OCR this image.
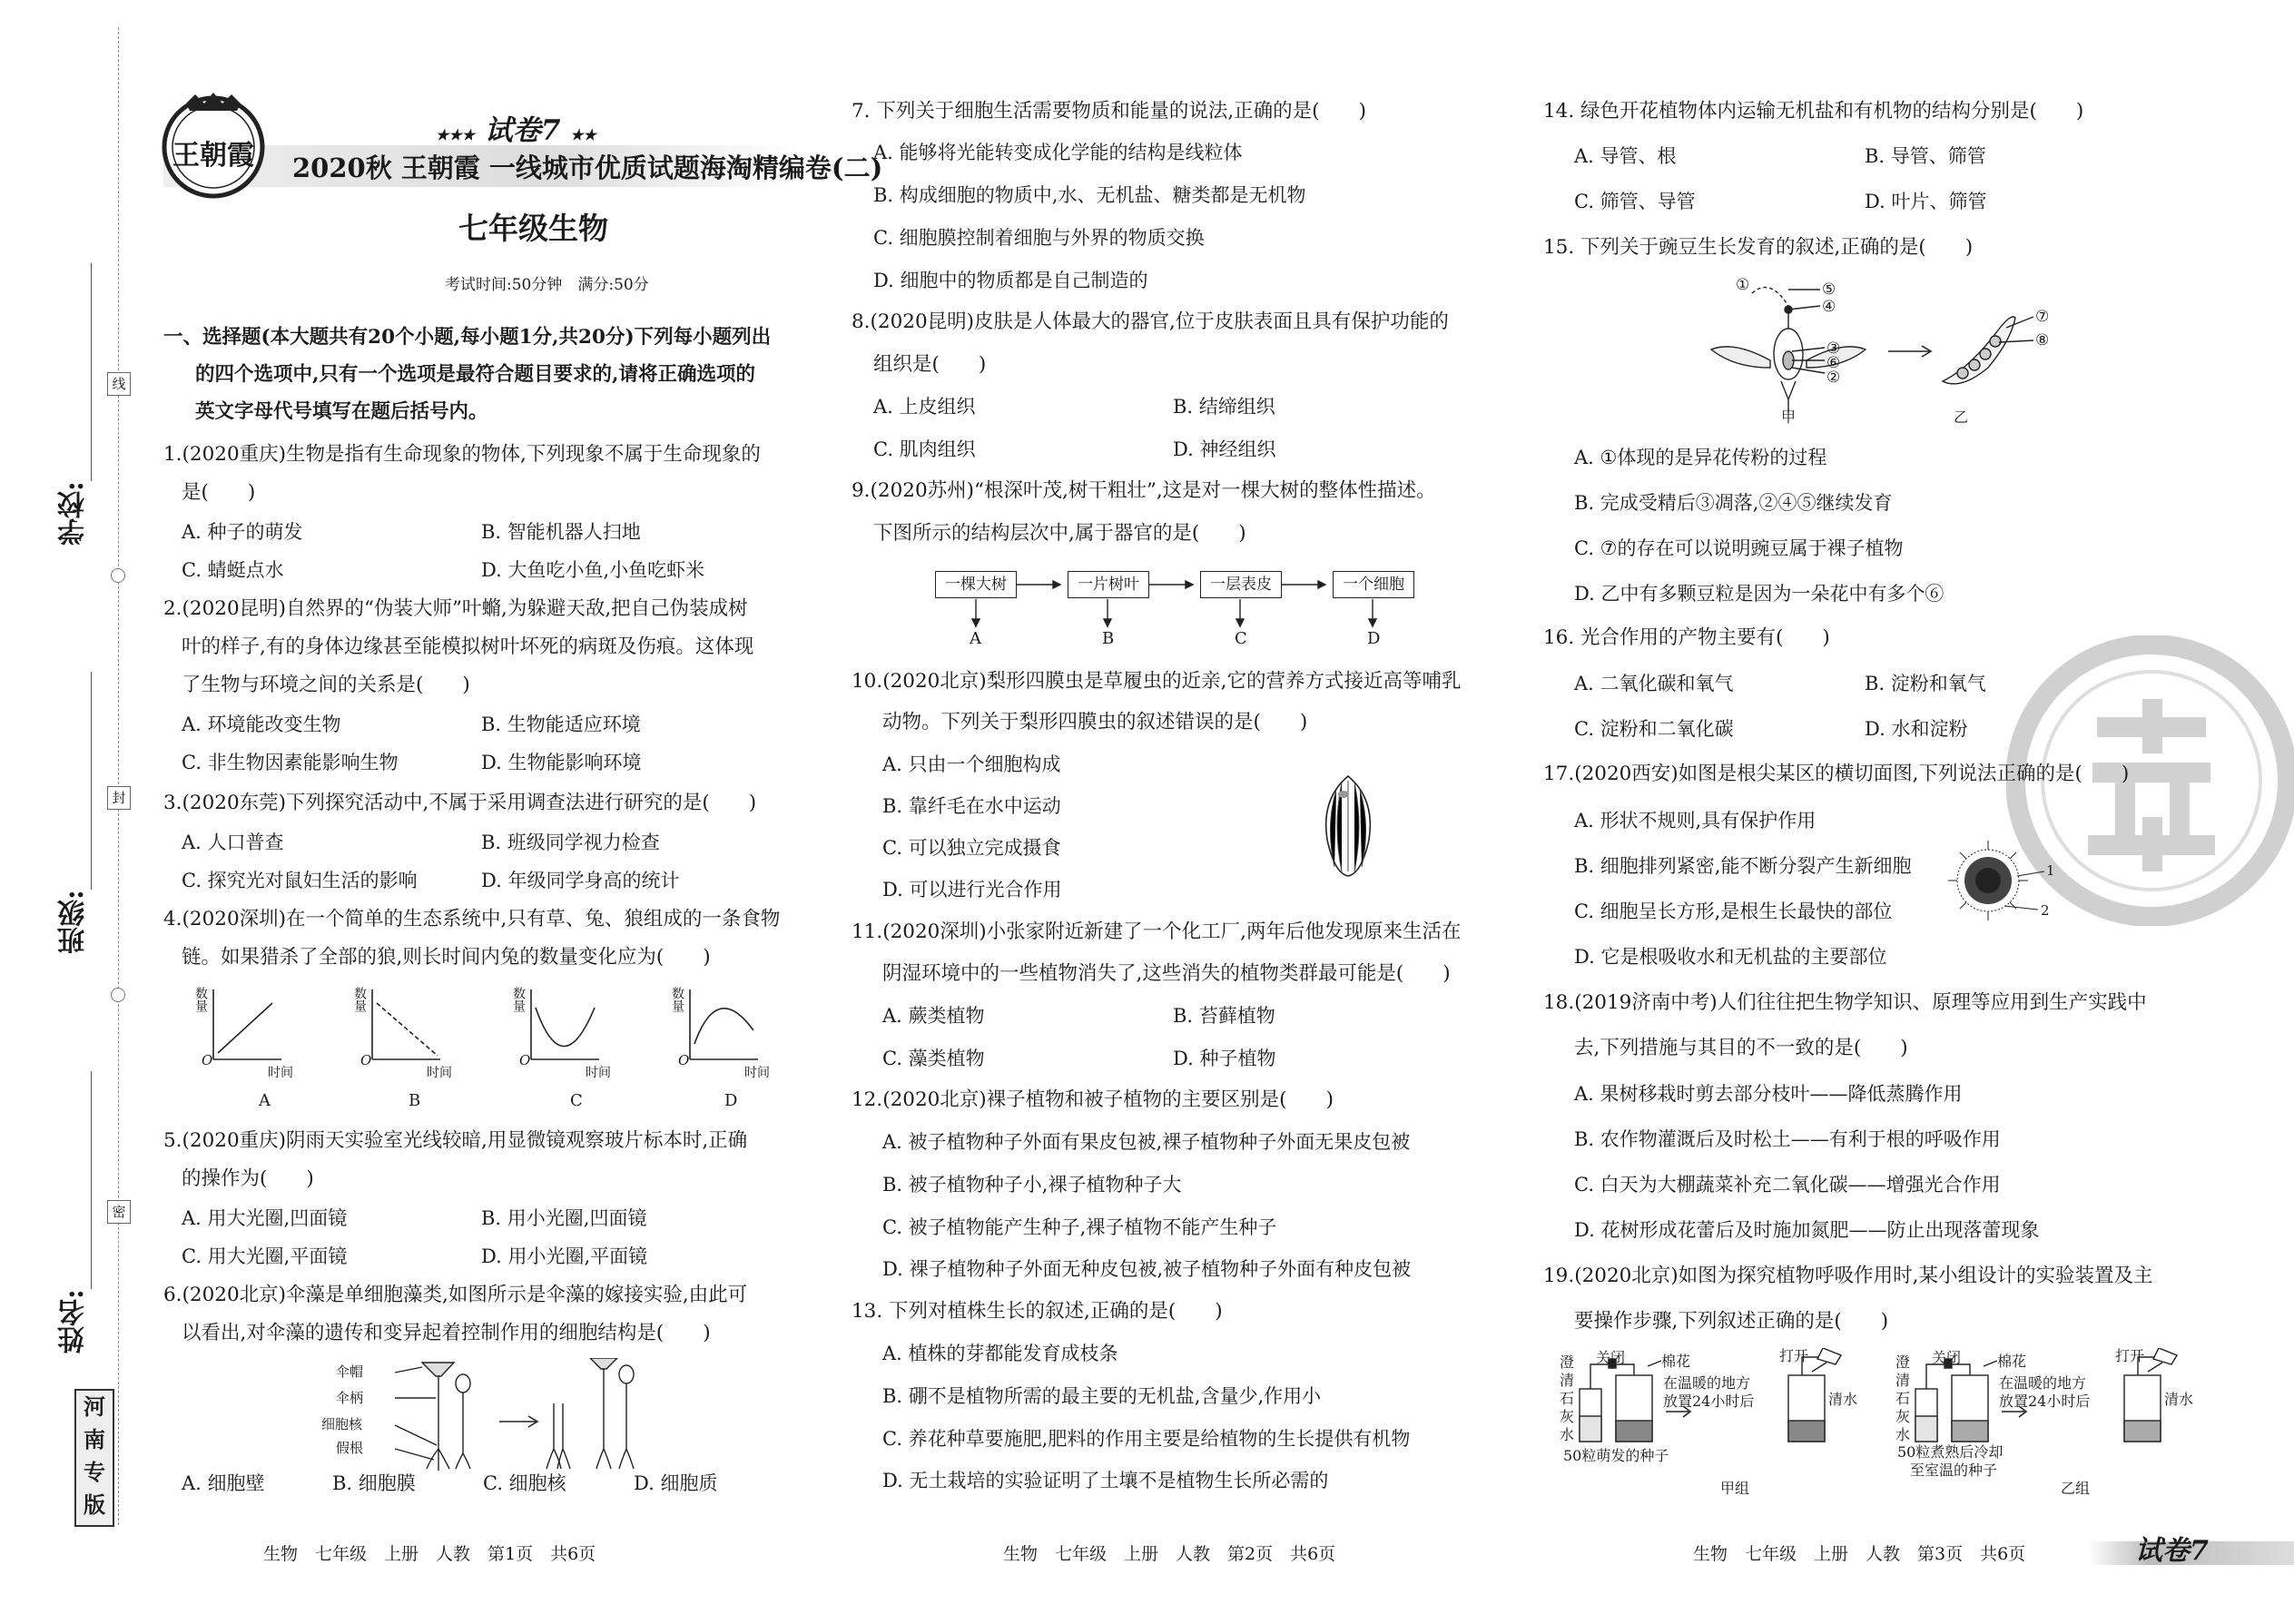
学校:
班级:
姓名:
线
封
密
河
南
专
版
王朝霞
★★★ 试卷7 ★★
2020秋 王朝霞 一线城市优质试题海淘精编卷(二)
七年级生物
考试时间:50分钟　满分:50分
一、选择题(本大题共有20个小题,每小题1分,共20分)下列每小题列出
的四个选项中,只有一个选项是最符合题目要求的,请将正确选项的
英文字母代号填写在题后括号内。
1.(2020重庆)生物是指有生命现象的物体,下列现象不属于生命现象的
是(　　)
A. 种子的萌发	B. 智能机器人扫地
C. 蜻蜓点水	D. 大鱼吃小鱼,小鱼吃虾米
2.(2020昆明)自然界的“伪装大师”叶䗛,为躲避天敌,把自己伪装成树
叶的样子,有的身体边缘甚至能模拟树叶坏死的病斑及伤痕。这体现
了生物与环境之间的关系是(　　)
A. 环境能改变生物	B. 生物能适应环境
C. 非生物因素能影响生物	D. 生物能影响环境
3.(2020东莞)下列探究活动中,不属于采用调查法进行研究的是(　　)
A. 人口普查	B. 班级同学视力检查
C. 探究光对鼠妇生活的影响	D. 年级同学身高的统计
4.(2020深圳)在一个简单的生态系统中,只有草、兔、狼组成的一条食物
链。如果猎杀了全部的狼,则长时间内兔的数量变化应为(　　)
数量	数量	数量	数量
O	O	O	O
时间	时间	时间	时间
A	B	C	D
5.(2020重庆)阴雨天实验室光线较暗,用显微镜观察玻片标本时,正确
的操作为(　　)
A. 用大光圈,凹面镜	B. 用小光圈,凹面镜
C. 用大光圈,平面镜	D. 用小光圈,平面镜
6.(2020北京)伞藻是单细胞藻类,如图所示是伞藻的嫁接实验,由此可
以看出,对伞藻的遗传和变异起着控制作用的细胞结构是(　　)
伞帽
伞柄
细胞核
假根
A. 细胞壁	B. 细胞膜	C. 细胞核	D. 细胞质
生物　七年级　上册　人教　第1页　共6页
7. 下列关于细胞生活需要物质和能量的说法,正确的是(　　)
A. 能够将光能转变成化学能的结构是线粒体
B. 构成细胞的物质中,水、无机盐、糖类都是无机物
C. 细胞膜控制着细胞与外界的物质交换
D. 细胞中的物质都是自己制造的
8.(2020昆明)皮肤是人体最大的器官,位于皮肤表面且具有保护功能的
组织是(　　)
A. 上皮组织	B. 结缔组织
C. 肌肉组织	D. 神经组织
9.(2020苏州)“根深叶茂,树干粗壮”,这是对一棵大树的整体性描述。
下图所示的结构层次中,属于器官的是(　　)
一棵大树	一片树叶	一层表皮	一个细胞
A	B	C	D
10.(2020北京)梨形四膜虫是草履虫的近亲,它的营养方式接近高等哺乳
动物。下列关于梨形四膜虫的叙述错误的是(　　)
A. 只由一个细胞构成
B. 靠纤毛在水中运动
C. 可以独立完成摄食
D. 可以进行光合作用
11.(2020深圳)小张家附近新建了一个化工厂,两年后他发现原来生活在
阴湿环境中的一些植物消失了,这些消失的植物类群最可能是(　　)
A. 蕨类植物	B. 苔藓植物
C. 藻类植物	D. 种子植物
12.(2020北京)裸子植物和被子植物的主要区别是(　　)
A. 被子植物种子外面有果皮包被,裸子植物种子外面无果皮包被
B. 被子植物种子小,裸子植物种子大
C. 被子植物能产生种子,裸子植物不能产生种子
D. 裸子植物种子外面无种皮包被,被子植物种子外面有种皮包被
13. 下列对植株生长的叙述,正确的是(　　)
A. 植株的芽都能发育成枝条
B. 硼不是植物所需的最主要的无机盐,含量少,作用小
C. 养花种草要施肥,肥料的作用主要是给植物的生长提供有机物
D. 无土栽培的实验证明了土壤不是植物生长所必需的
生物　七年级　上册　人教　第2页　共6页
14. 绿色开花植物体内运输无机盐和有机物的结构分别是(　　)
A. 导管、根	B. 导管、筛管
C. 筛管、导管	D. 叶片、筛管
15. 下列关于豌豆生长发育的叙述,正确的是(　　)
①	⑤
④
③
⑥
②
⑦
⑧
甲	乙
A. ①体现的是异花传粉的过程
B. 完成受精后③凋落,②④⑤继续发育
C. ⑦的存在可以说明豌豆属于裸子植物
D. 乙中有多颗豆粒是因为一朵花中有多个⑥
16. 光合作用的产物主要有(　　)
A. 二氧化碳和氧气	B. 淀粉和氧气
C. 淀粉和二氧化碳	D. 水和淀粉
17.(2020西安)如图是根尖某区的横切面图,下列说法正确的是(　　)
A. 形状不规则,具有保护作用
B. 细胞排列紧密,能不断分裂产生新细胞
C. 细胞呈长方形,是根生长最快的部位
D. 它是根吸收水和无机盐的主要部位
1
2
18.(2019济南中考)人们往往把生物学知识、原理等应用到生产实践中
去,下列措施与其目的不一致的是(　　)
A. 果树移栽时剪去部分枝叶——降低蒸腾作用
B. 农作物灌溉后及时松土——有利于根的呼吸作用
C. 白天为大棚蔬菜补充二氧化碳——增强光合作用
D. 花树形成花蕾后及时施加氮肥——防止出现落蕾现象
19.(2020北京)如图为探究植物呼吸作用时,某小组设计的实验装置及主
要操作步骤,下列叙述正确的是(　　)
澄
清
石
灰
水
澄
清
石
灰
水
关闭 棉花
在温暖的地方
放置24小时后
打开
清水
50粒萌发的种子
甲组
关闭 棉花
在温暖的地方
放置24小时后
打开
清水
50粒煮熟后冷却
至室温的种子
乙组
生物　七年级　上册　人教　第3页　共6页	试卷7
